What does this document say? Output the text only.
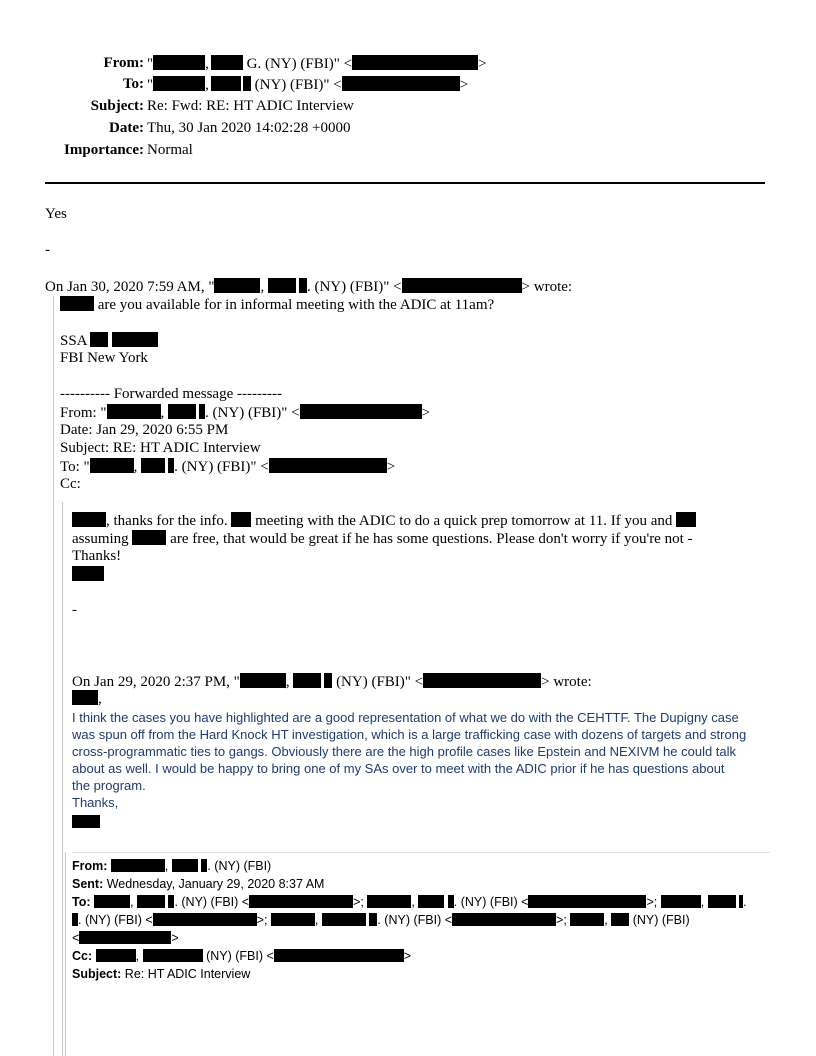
From: "	,	G. (NY) (FBI)" <	>
To: "	,	(NY) (FBI)" <	>
Subject: Re: Fwd: RE: HT ADIC Interview
Date: Thu, 30 Jan 2020 14:02:28 +0000
Importance: Normal
Yes
-
On Jan 30, 2020 7:59 AM, "	,	. (NY) (FBI)" <	> wrote:
are you available for in informal meeting with the ADIC at 11am?
SSA
FBI New York
---------- Forwarded message ---------
From: "	,	. (NY) (FBI)" <	>
Date: Jan 29, 2020 6:55 PM
Subject: RE: HT ADIC Interview
To: "	, . (NY) (FBI)" <	>
Cc:
, thanks for the info. meeting with the ADIC to do a quick prep tomorrow at 11. If you and
assuming	are free, that would be great if he has some questions. Please don't worry if you're not -
Thanks!
-
On Jan 29, 2020 2:37 PM, "	,	(NY) (FBI)" <	> wrote:
,
I think the cases you have highlighted are a good representation of what we do with the CEHTTF. The Dupigny case
was spun off from the Hard Knock HT investigation, which is a large trafficking case with dozens of targets and strong
cross-programmatic ties to gangs. Obviously there are the high profile cases like Epstein and NEXIVM he could talk
about as well. I would be happy to bring one of my SAs over to meet with the ADIC prior if he has questions about
the program.
Thanks,
From:	,	. (NY) (FBI)
Sent: Wednesday, January 29, 2020 8:37 AM
To:	,	. (NY) (FBI) <	>;	,	. (NY) (FBI) <	>;	,	.
. (NY) (FBI) <	>;	,	. (NY) (FBI) <	>;	,  (NY) (FBI)
<	>
Cc:	,	(NY) (FBI) <	>
Subject: Re: HT ADIC Interview
